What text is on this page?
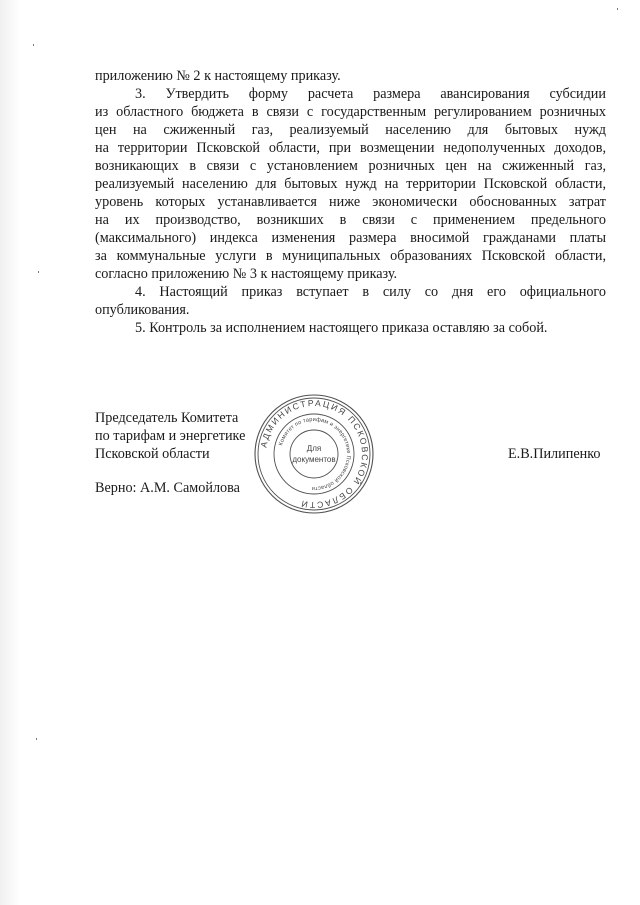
приложению № 2 к настоящему приказу.

3. Утвердить форму расчета размера авансирования субсидии

из областного бюджета в связи с государственным регулированием розничных

цен на сжиженный газ, реализуемый населению для бытовых нужд

на территории Псковской области, при возмещении недополученных доходов,

возникающих в связи с установлением розничных цен на сжиженный газ,

реализуемый населению для бытовых нужд на территории Псковской области,

уровень которых устанавливается ниже экономически обоснованных затрат

на их производство, возникших в связи с применением предельного

(максимального) индекса изменения размера вносимой гражданами платы

за коммунальные услуги в муниципальных образованиях Псковской области,

согласно приложению № 3 к настоящему приказу.

4. Настоящий приказ вступает в силу со дня его официального

опубликования.

5. Контроль за исполнением настоящего приказа оставляю за собой.

Председатель Комитета

по тарифам и энергетике

Псковской области	Е.В.Пилипенко

Верно: А.М. Самойлова

АДМИНИСТРАЦИЯ ПСКОВСКОЙ ОБЛАСТИ
Комитет по тарифам и энергетике Псковской области
Для
документов
